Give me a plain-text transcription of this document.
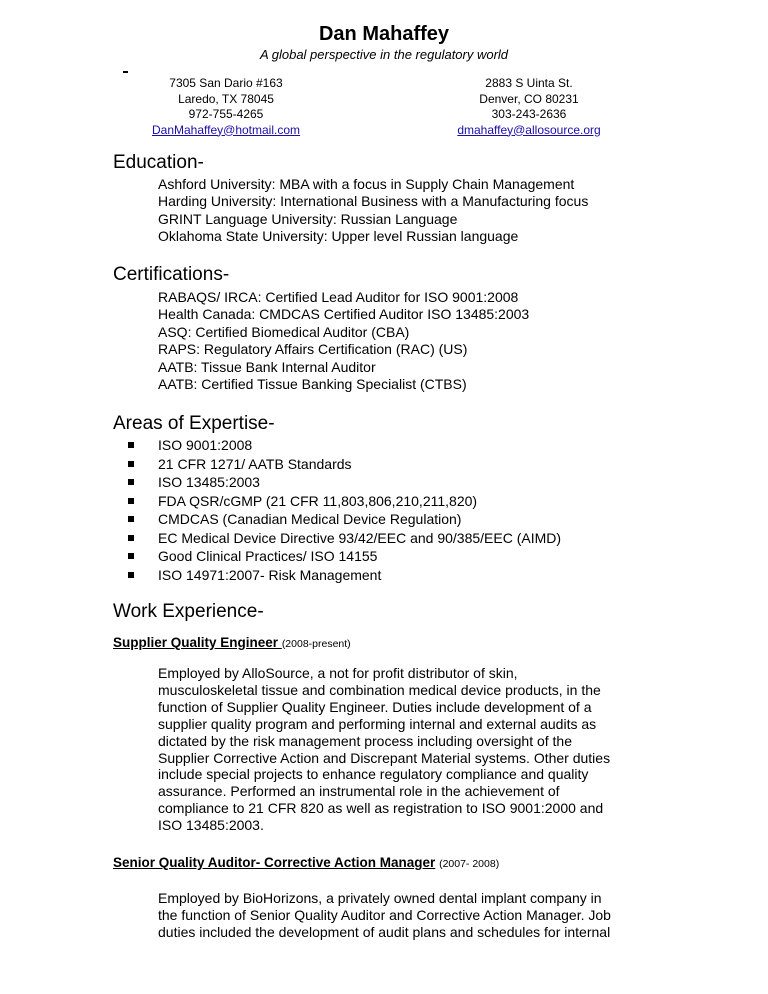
Dan Mahaffey
A global perspective in the regulatory world
7305 San Dario #163
Laredo, TX 78045
972-755-4265
DanMahaffey@hotmail.com
2883 S Uinta St.
Denver, CO 80231
303-243-2636
dmahaffey@allosource.org
Education-
Ashford University: MBA with a focus in Supply Chain Management
Harding University: International Business with a Manufacturing focus
GRINT Language University: Russian Language
Oklahoma State University: Upper level Russian language
Certifications-
RABAQS/ IRCA: Certified Lead Auditor for ISO 9001:2008
Health Canada: CMDCAS Certified Auditor ISO 13485:2003
ASQ: Certified Biomedical Auditor (CBA)
RAPS: Regulatory Affairs Certification (RAC) (US)
AATB: Tissue Bank Internal Auditor
AATB: Certified Tissue Banking Specialist (CTBS)
Areas of Expertise-
ISO 9001:2008
21 CFR 1271/ AATB Standards
ISO 13485:2003
FDA QSR/cGMP (21 CFR 11,803,806,210,211,820)
CMDCAS (Canadian Medical Device Regulation)
EC Medical Device Directive 93/42/EEC and 90/385/EEC (AIMD)
Good Clinical Practices/ ISO 14155
ISO 14971:2007- Risk Management
Work Experience-
Supplier Quality Engineer (2008-present)
Employed by AlloSource, a not for profit distributor of skin,
musculoskeletal tissue and combination medical device products, in the
function of Supplier Quality Engineer. Duties include development of a
supplier quality program and performing internal and external audits as
dictated by the risk management process including oversight of the
Supplier Corrective Action and Discrepant Material systems. Other duties
include special projects to enhance regulatory compliance and quality
assurance. Performed an instrumental role in the achievement of
compliance to 21 CFR 820 as well as registration to ISO 9001:2000 and
ISO 13485:2003.
Senior Quality Auditor- Corrective Action Manager (2007- 2008)
Employed by BioHorizons, a privately owned dental implant company in
the function of Senior Quality Auditor and Corrective Action Manager. Job
duties included the development of audit plans and schedules for internal
